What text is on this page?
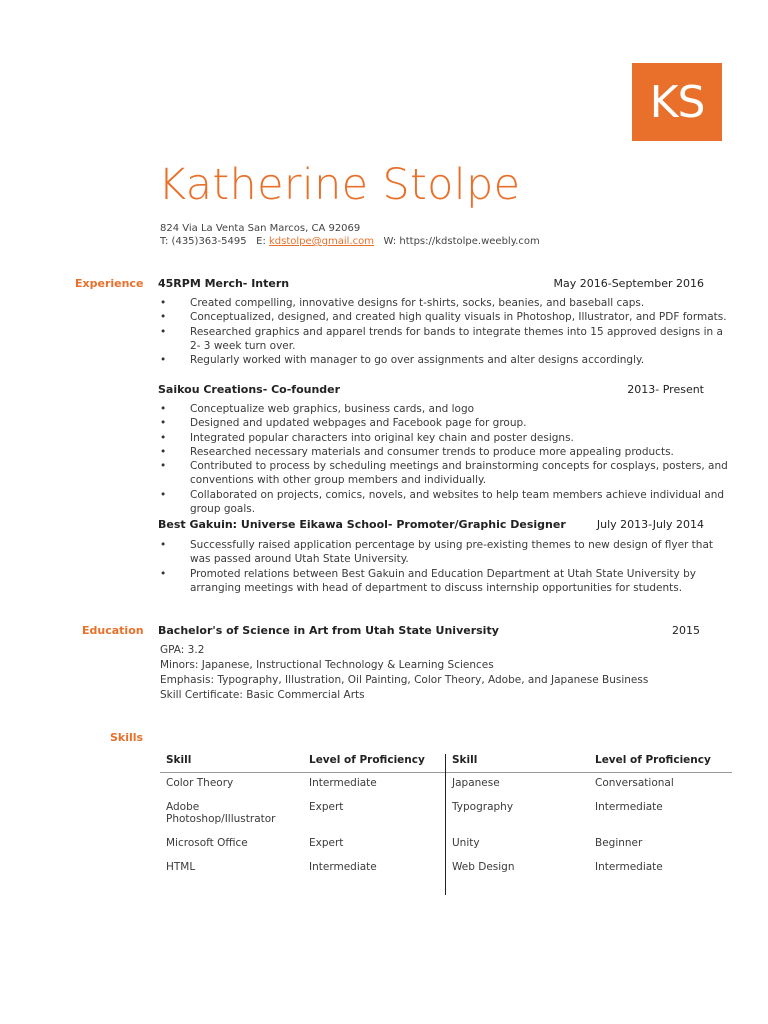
KS
Katherine Stolpe
824 Via La Venta San Marcos, CA 92069
T: (435)363-5495 E: kdstolpe@gmail.com W: https://kdstolpe.weebly.com
Experience 45RPM Merch- Intern	May 2016-September 2016
• Created compelling, innovative designs for t-shirts, socks, beanies, and baseball caps.
• Conceptualized, designed, and created high quality visuals in Photoshop, Illustrator, and PDF formats.
• Researched graphics and apparel trends for bands to integrate themes into 15 approved designs in a 2- 3 week turn over.
• Regularly worked with manager to go over assignments and alter designs accordingly.
Saikou Creations- Co-founder	2013- Present
• Conceptualize web graphics, business cards, and logo
• Designed and updated webpages and Facebook page for group.
• Integrated popular characters into original key chain and poster designs.
• Researched necessary materials and consumer trends to produce more appealing products.
• Contributed to process by scheduling meetings and brainstorming concepts for cosplays, posters, and conventions with other group members and individually.
• Collaborated on projects, comics, novels, and websites to help team members achieve individual and group goals.
Best Gakuin: Universe Eikawa School- Promoter/Graphic Designer	July 2013-July 2014
• Successfully raised application percentage by using pre-existing themes to new design of flyer that was passed around Utah State University.
• Promoted relations between Best Gakuin and Education Department at Utah State University by arranging meetings with head of department to discuss internship opportunities for students.
Education Bachelor's of Science in Art from Utah State University	2015
GPA: 3.2
Minors: Japanese, Instructional Technology & Learning Sciences
Emphasis: Typography, Illustration, Oil Painting, Color Theory, Adobe, and Japanese Business
Skill Certificate: Basic Commercial Arts
Skills
Skill	Level of Proficiency	Skill	Level of Proficiency
Color Theory	Intermediate	Japanese	Conversational
Adobe Photoshop/Illustrator	Expert	Typography	Intermediate
Microsoft Office	Expert	Unity	Beginner
HTML	Intermediate	Web Design	Intermediate
